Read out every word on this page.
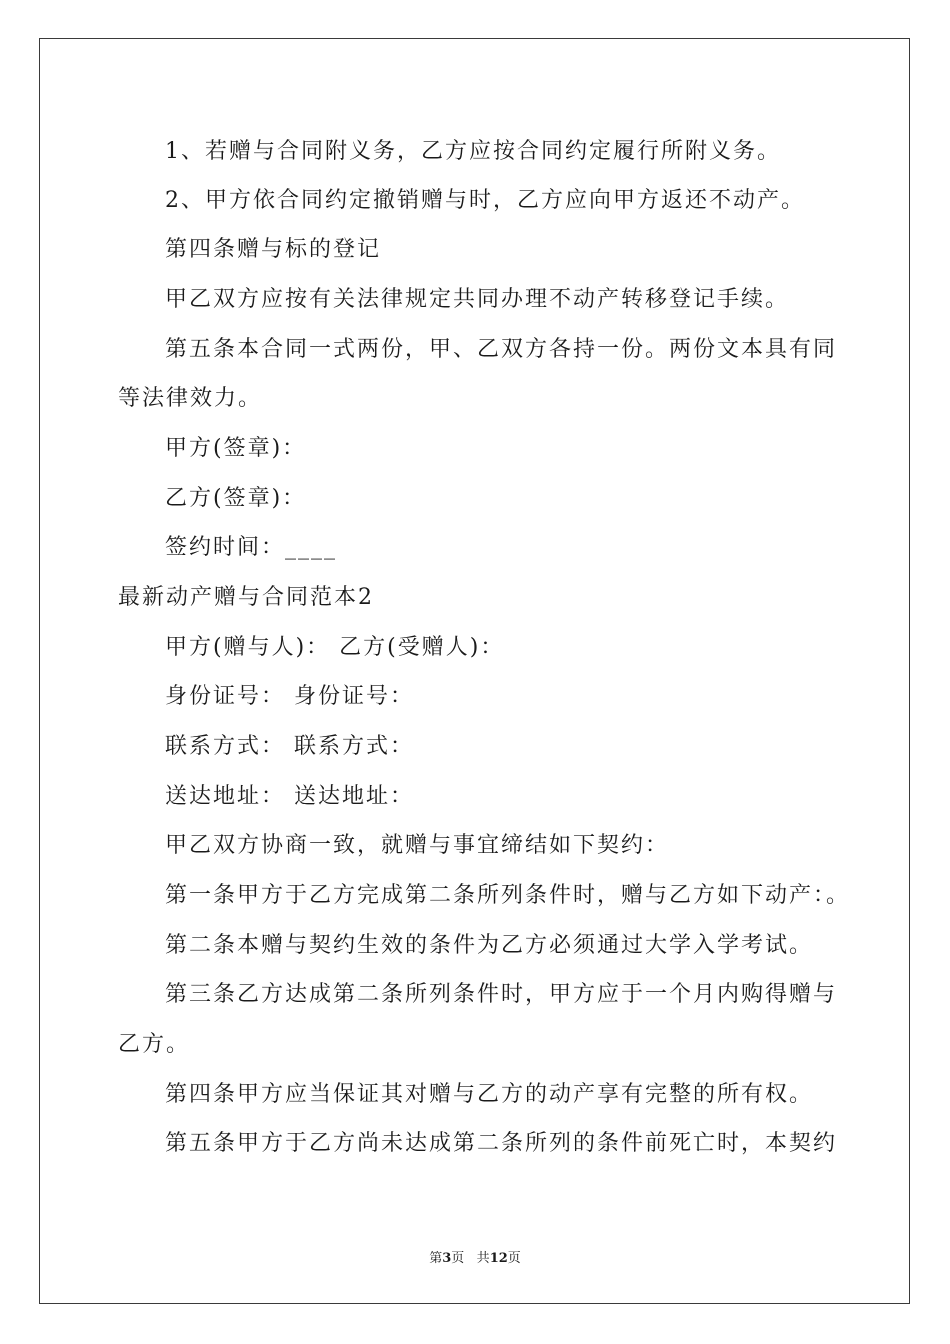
1、若赠与合同附义务，乙方应按合同约定履行所附义务。

2、甲方依合同约定撤销赠与时，乙方应向甲方返还不动产。

第四条赠与标的登记

甲乙双方应按有关法律规定共同办理不动产转移登记手续。

第五条本合同一式两份，甲、乙双方各持一份。两份文本具有同

等法律效力。

甲方(签章)：

乙方(签章)：

签约时间：____

最新动产赠与合同范本2

甲方(赠与人)： 乙方(受赠人)：

身份证号： 身份证号：

联系方式： 联系方式：

送达地址： 送达地址：

甲乙双方协商一致，就赠与事宜缔结如下契约：

第一条甲方于乙方完成第二条所列条件时，赠与乙方如下动产：。

第二条本赠与契约生效的条件为乙方必须通过大学入学考试。

第三条乙方达成第二条所列条件时，甲方应于一个月内购得赠与

乙方。

第四条甲方应当保证其对赠与乙方的动产享有完整的所有权。

第五条甲方于乙方尚未达成第二条所列的条件前死亡时，本契约

第3页 共12页
